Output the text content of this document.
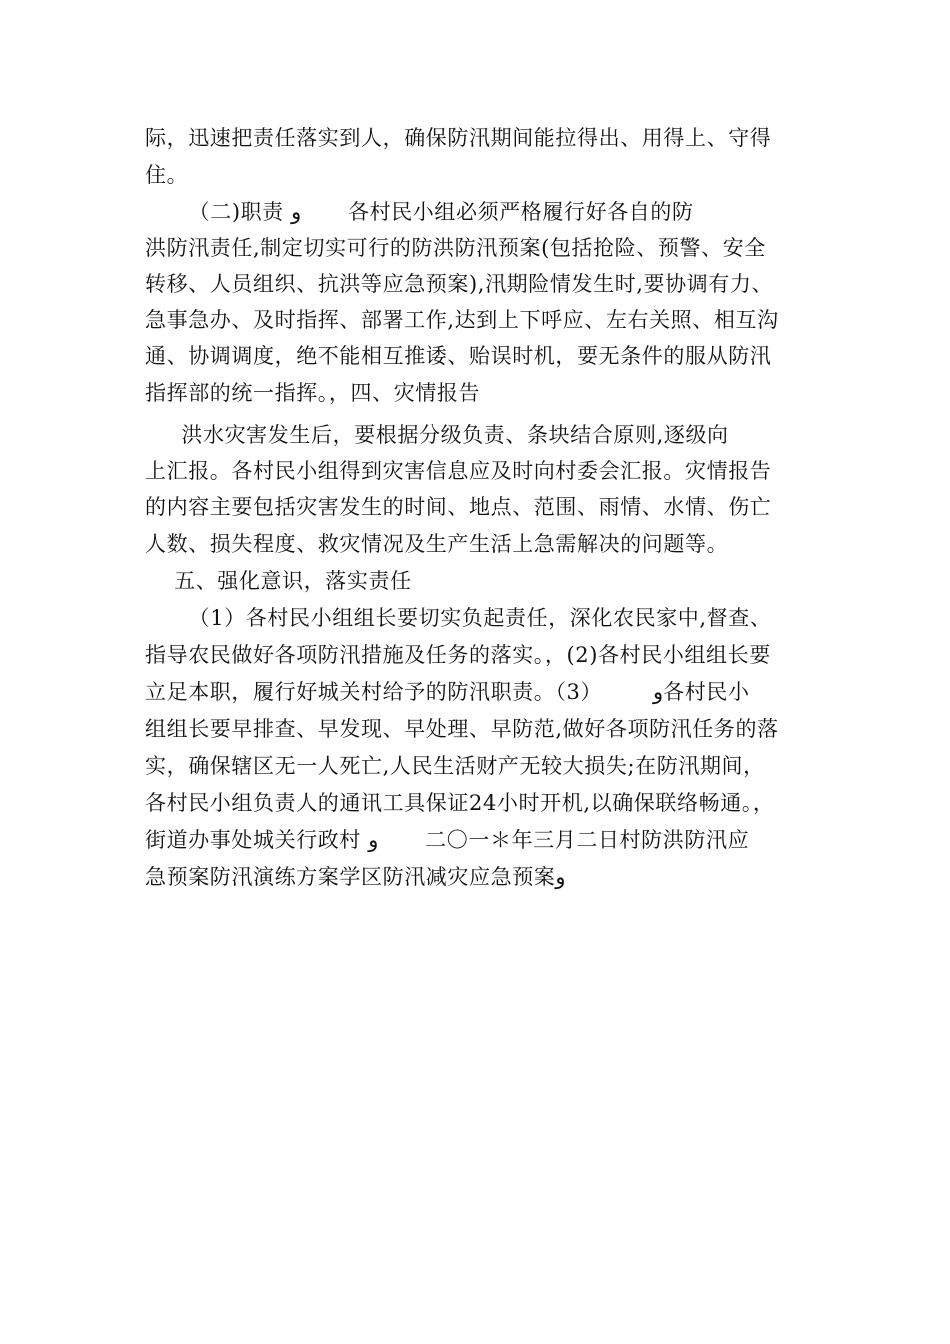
际，迅速把责任落实到人，确保防汛期间能拉得出、用得上、守得
住。
（二)职责 ﻭ       各村民小组必须严格履行好各自的防
洪防汛责任,制定切实可行的防洪防汛预案(包括抢险、预警、安全
转移、人员组织、抗洪等应急预案),汛期险情发生时,要协调有力、
急事急办、及时指挥、部署工作,达到上下呼应、左右关照、相互沟
通、协调调度，绝不能相互推诿、贻误时机，要无条件的服从防汛
指挥部的统一指挥。，四、灾情报告
洪水灾害发生后，要根据分级负责、条块结合原则,逐级向
上汇报。各村民小组得到灾害信息应及时向村委会汇报。灾情报告
的内容主要包括灾害发生的时间、地点、范围、雨情、水情、伤亡
人数、损失程度、救灾情况及生产生活上急需解决的问题等。
五、强化意识，落实责任
（1）各村民小组组长要切实负起责任，深化农民家中,督查、
指导农民做好各项防汛措施及任务的落实。，(2)各村民小组组长要
立足本职，履行好城关村给予的防汛职责。（3）       ﻭ各村民小
组组长要早排查、早发现、早处理、早防范,做好各项防汛任务的落
实，确保辖区无一人死亡,人民生活财产无较大损失;在防汛期间，
各村民小组负责人的通讯工具保证24小时开机,以确保联络畅通。，
街道办事处城关行政村 ﻭ       二〇一＊年三月二日村防洪防汛应
急预案防汛演练方案学区防汛减灾应急预案ﻭ
